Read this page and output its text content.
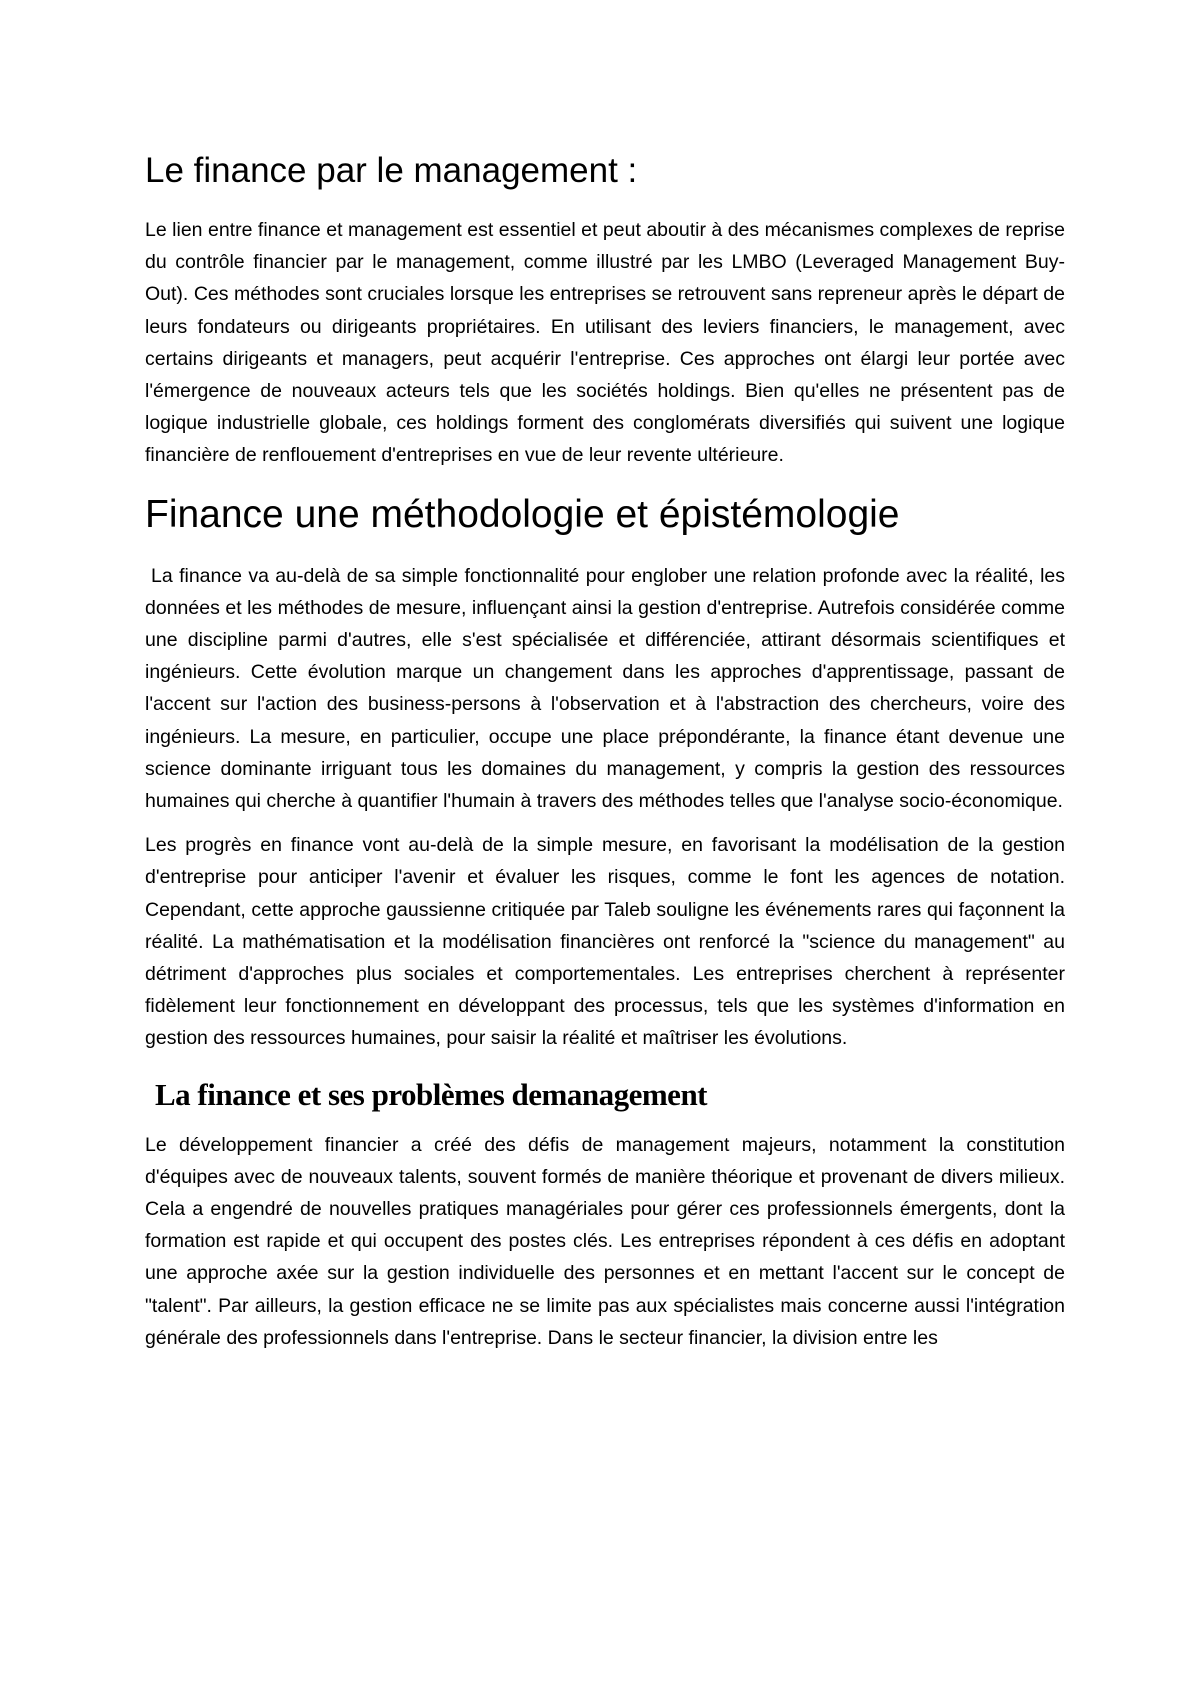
Le finance par le management :

Le lien entre finance et management est essentiel et peut aboutir à des mécanismes complexes de reprise du contrôle financier par le management, comme illustré par les LMBO (Leveraged Management Buy-Out). Ces méthodes sont cruciales lorsque les entreprises se retrouvent sans repreneur après le départ de leurs fondateurs ou dirigeants propriétaires. En utilisant des leviers financiers, le management, avec certains dirigeants et managers, peut acquérir l'entreprise. Ces approches ont élargi leur portée avec l'émergence de nouveaux acteurs tels que les sociétés holdings. Bien qu'elles ne présentent pas de logique industrielle globale, ces holdings forment des conglomérats diversifiés qui suivent une logique financière de renflouement d'entreprises en vue de leur revente ultérieure.

Finance une méthodologie et épistémologie

La finance va au-delà de sa simple fonctionnalité pour englober une relation profonde avec la réalité, les données et les méthodes de mesure, influençant ainsi la gestion d'entreprise. Autrefois considérée comme une discipline parmi d'autres, elle s'est spécialisée et différenciée, attirant désormais scientifiques et ingénieurs. Cette évolution marque un changement dans les approches d'apprentissage, passant de l'accent sur l'action des business-persons à l'observation et à l'abstraction des chercheurs, voire des ingénieurs. La mesure, en particulier, occupe une place prépondérante, la finance étant devenue une science dominante irriguant tous les domaines du management, y compris la gestion des ressources humaines qui cherche à quantifier l'humain à travers des méthodes telles que l'analyse socio-économique.

Les progrès en finance vont au-delà de la simple mesure, en favorisant la modélisation de la gestion d'entreprise pour anticiper l'avenir et évaluer les risques, comme le font les agences de notation. Cependant, cette approche gaussienne critiquée par Taleb souligne les événements rares qui façonnent la réalité. La mathématisation et la modélisation financières ont renforcé la "science du management" au détriment d'approches plus sociales et comportementales. Les entreprises cherchent à représenter fidèlement leur fonctionnement en développant des processus, tels que les systèmes d'information en gestion des ressources humaines, pour saisir la réalité et maîtriser les évolutions.

La finance et ses problèmes demanagement

Le développement financier a créé des défis de management majeurs, notamment la constitution d'équipes avec de nouveaux talents, souvent formés de manière théorique et provenant de divers milieux. Cela a engendré de nouvelles pratiques managériales pour gérer ces professionnels émergents, dont la formation est rapide et qui occupent des postes clés. Les entreprises répondent à ces défis en adoptant une approche axée sur la gestion individuelle des personnes et en mettant l'accent sur le concept de "talent". Par ailleurs, la gestion efficace ne se limite pas aux spécialistes mais concerne aussi l'intégration générale des professionnels dans l'entreprise. Dans le secteur financier, la division entre les
